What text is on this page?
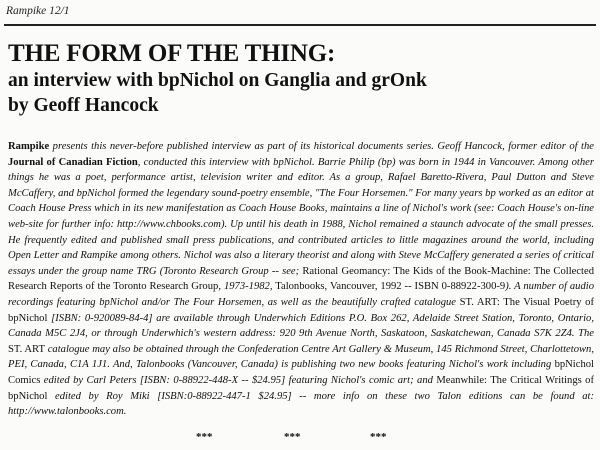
Rampike 12/1
THE FORM OF THE THING:
an interview with bpNichol on Ganglia and grOnk
by Geoff Hancock

Rampike presents this never-before published interview as part of its historical documents series. Geoff Hancock, former editor of the Journal of Canadian Fiction, conducted this interview with bpNichol. Barrie Philip (bp) was born in 1944 in Vancouver. Among other things he was a poet, performance artist, television writer and editor. As a group, Rafael Baretto-Rivera, Paul Dutton and Steve McCaffery, and bpNichol formed the legendary sound-poetry ensemble, "The Four Horsemen." For many years bp worked as an editor at Coach House Press which in its new manifestation as Coach House Books, maintains a line of Nichol's work (see: Coach House's on-line web-site for further info: http://www.chbooks.com). Up until his death in 1988, Nichol remained a staunch advocate of the small presses. He frequently edited and published small press publications, and contributed articles to little magazines around the world, including Open Letter and Rampike among others. Nichol was also a literary theorist and along with Steve McCaffery generated a series of critical essays under the group name TRG (Toronto Research Group -- see; Rational Geomancy: The Kids of the Book-Machine: The Collected Research Reports of the Toronto Research Group, 1973-1982, Talonbooks, Vancouver, 1992 -- ISBN 0-88922-300-9). A number of audio recordings featuring bpNichol and/or The Four Horsemen, as well as the beautifully crafted catalogue ST. ART: The Visual Poetry of bpNichol [ISBN: 0-920089-84-4] are available through Underwhich Editions P.O. Box 262, Adelaide Street Station, Toronto, Ontario, Canada M5C 2J4, or through Underwhich's western address: 920 9th Avenue North, Saskatoon, Saskatchewan, Canada S7K 2Z4. The ST. ART catalogue may also be obtained through the Confederation Centre Art Gallery & Museum, 145 Richmond Street, Charlottetown, PEI, Canada, C1A 1J1. And, Talonbooks (Vancouver, Canada) is publishing two new books featuring Nichol's work including bpNichol Comics edited by Carl Peters [ISBN: 0-88922-448-X -- $24.95] featuring Nichol's comic art; and Meanwhile: The Critical Writings of bpNichol edited by Roy Miki [ISBN:0-88922-447-1 $24.95] -- more info on these two Talon editions can be found at: http://www.talonbooks.com.

***	***	***
